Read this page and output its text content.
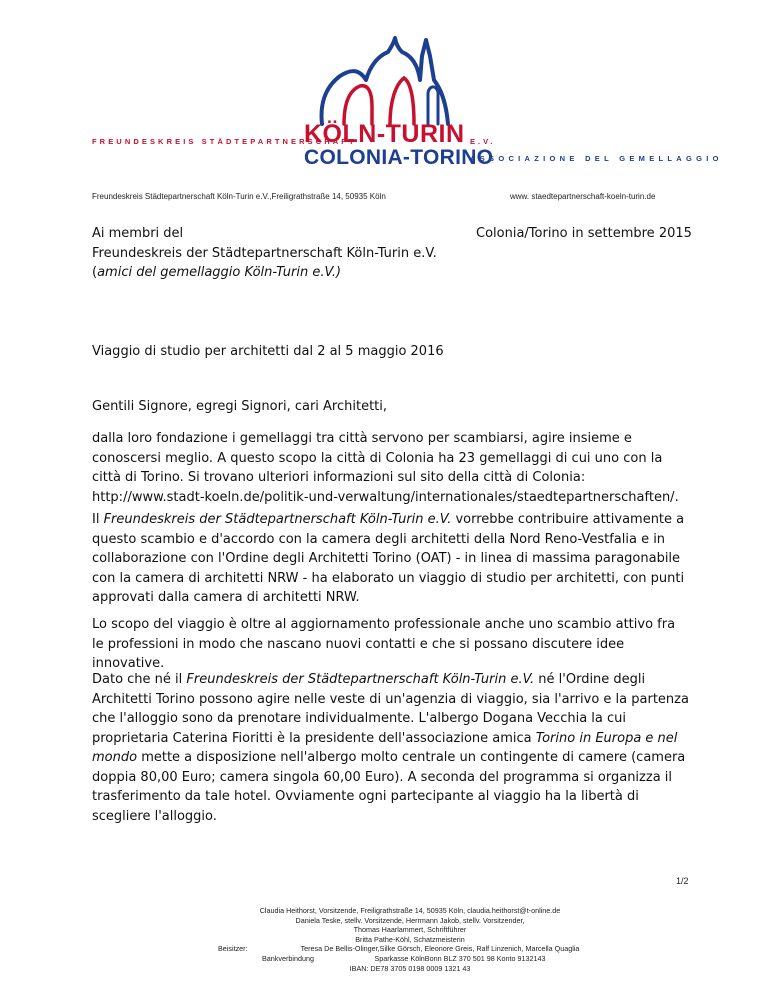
FREUNDESKREIS STÄDTEPARTNERSCHAFT
KÖLN-TURIN
COLONIA-TORINO
E.V.
ASSOCIAZIONE DEL GEMELLAGGIO
Freundeskreis Städtepartnerschaft Köln-Turin e.V.,Freiligrathstraße 14, 50935 Köln	www. staedtepartnerschaft-koeln-turin.de
Ai membri del
Freundeskreis der Städtepartnerschaft Köln-Turin e.V.
(amici del gemellaggio Köln-Turin e.V.)
Colonia/Torino in settembre 2015
Viaggio di studio per architetti dal 2 al 5 maggio 2016
Gentili Signore, egregi Signori, cari Architetti,

dalla loro fondazione i gemellaggi tra città servono per scambiarsi, agire insieme e conoscersi meglio. A questo scopo la città di Colonia ha 23 gemellaggi di cui uno con la città di Torino. Si trovano ulteriori informazioni sul sito della città di Colonia: http://www.stadt-koeln.de/politik-und-verwaltung/internationales/staedtepartnerschaften/.

Il Freundeskreis der Städtepartnerschaft Köln-Turin e.V. vorrebbe contribuire attivamente a questo scambio e d'accordo con la camera degli architetti della Nord Reno-Vestfalia e in collaborazione con l'Ordine degli Architetti Torino (OAT) - in linea di massima paragonabile con la camera di architetti NRW - ha elaborato un viaggio di studio per architetti, con punti approvati dalla camera di architetti NRW.

Lo scopo del viaggio è oltre al aggiornamento professionale anche uno scambio attivo fra le professioni in modo che nascano nuovi contatti e che si possano discutere idee innovative.

Dato che né il Freundeskreis der Städtepartnerschaft Köln-Turin e.V. né l'Ordine degli Architetti Torino possono agire nelle veste di un'agenzia di viaggio, sia l'arrivo e la partenza che l'alloggio sono da prenotare individualmente. L'albergo Dogana Vecchia la cui proprietaria Caterina Fioritti è la presidente dell'associazione amica Torino in Europa e nel mondo mette a disposizione nell'albergo molto centrale un contingente di camere (camera doppia 80,00 Euro; camera singola 60,00 Euro). A seconda del programma si organizza il trasferimento da tale hotel. Ovviamente ogni partecipante al viaggio ha la libertà di scegliere l'alloggio.

1/2
Claudia Heithorst, Vorsitzende, Freiligrathstraße 14, 50935 Köln, claudia.heithorst@t-online.de
Daniela Teske, stellv. Vorsitzende, Herrmann Jakob, stellv. Vorsitzender,
Thomas Haarlammert, Schriftführer
Britta Pathe-Köhl, Schatzmeisterin
Beisitzer:	Teresa De Bellis-Olinger,Silke Görsch, Eleonore Greis, Ralf Linzenich, Marcella Quaglia
Bankverbindung	Sparkasse KölnBonn BLZ 370 501 98 Konto 9132143
IBAN: DE78 3705 0198 0009 1321 43
